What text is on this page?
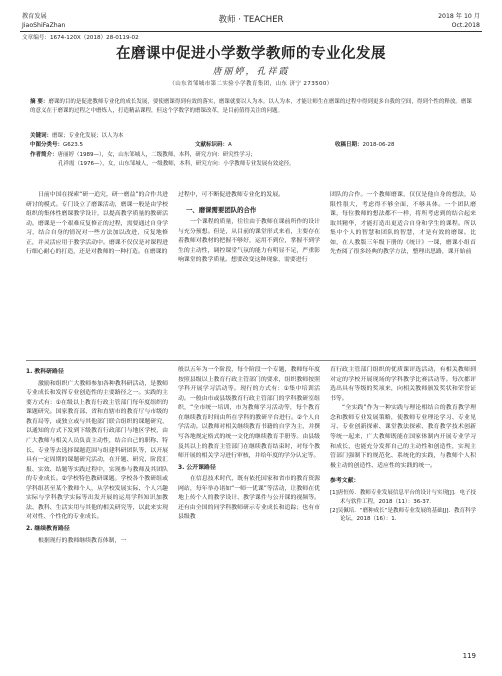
教育发展
JiaoShiFaZhan
教师 · TEACHER	2018 年 10 月
Oct.2018
文章编号：1674-120X（2018）28-0119-02
在磨课中促进小学数学教师的专业化发展
唐丽婷，孔祥霞
（山东省邹城市第二实验小学教育集团，山东 济宁 273500）
摘 要：磨课的目的是促进教师专业化的成长发展，要使磨课得到有效的落实，磨课就要以人为本。以人为本，才能让师生在磨课的过程中得到更多自我的空间，得到个性的释放。磨课的意义在于磨课的过程之中磨炼人，打造精品课程，但这个学数学的磨课改革，是目前值得关注的问题。
关键词：磨课；专业化发展；以人为本
中图分类号：G623.5	文献标识码：A	收稿日期：2018-06-28
作者简介：唐丽婷（1989—），女，山东邹城人，二级教师，本科，研究方向：研究性学习；
孔祥霞（1976—），女，山东邹城人，一级教师，本科，研究方向：小学教师专业发展有效途径。

日前中国在探索“研一追究，研一磨益”的合作共进研讨的模式。专门设立了磨课活动，磨课一般是由学校组织的集体性磨课教学设计，以提高教学质量的教研活动。磨课是一个艰难反复修正的过程，需要通过自身学习，结合自身的情况对一些方法加以改进，反复地修正，并灵活应用于教学活动中。磨课不仅仅是对课程进行细心耐心的打造，还是对教师的一种打造。在磨课的

过程中，可不断促进教师专业化的发展。

一、磨课需要团队的合作

一个课程的质量，往往由于教师在课前所作的设计与充分预想。但是，从目前的课堂形式来看，主要存在着教师对教材的把握不够好，运用不到位，掌握不到学生的主动性，调控课堂气氛的能力有明显不足，严重影响课堂的教学质量。想要改变这种现象，需要进行

团队的合作。一个教师磨课，仅仅是他自身的想法，局限性很大，考虑得不够全面，不够具体。一个团队磨课，每位教师的想法都不一样，将所考虑到的结合起来取其精华，才能打造出更适合自身和学生的课程。所以集中个人的智慧和团队的智慧，才是有效的磨课。比如，在人教版三年级下册的《统计》一课，磨课小组首先查阅了很多经典的教学方法，整理出思路，课开始前

1. 教科研路径

激励和组织广大教师参加各种教科研活动，是教师专业成长和发挥专业创造性的主要路径之一。实践的主要方式有：①在级以上教育行政主管部门每年度组织的课题研究。国家教育部、省和直辖市的教育厅与市级的教育局等，或独立或与其他部门联合组织的课题研究，以通知的方式下发到下级教育行政部门与地区学校，由广大教师与相关人员负责主动性，结合自己的职称、特长、专业等去选择课题范围与组建科研团队等，以开展具有一定周期的课题研究活动，在开题、研究、阶段汇报、实效、结题等实践过程中，实现参与教师及其团队的专业成长。②学校特色教研课题。学校各个教研组或学科组甚至某个教师个人，从学校发展实际、个人兴趣实际与学科教学实际等出发开展的运用学科知识加教法、教科、生活实用与其他的相关研究等，以此来实现对对性、个性化的专业成长。

2. 继续教育路径

根据现行的教师继续教育体制，一

般以五年为一个阶段，每个阶段一个专题，教师每年度按照县级以上教育行政主管部门的要求，组织教师按照学科开展学习活动等。现行的方式有：①集中培训活动。一般由市或县级教育行政主管部门的学科教研室组织，“全市统一培训，市为教师学习活动等，每个教育在继续教育时间由所在学科的教研平台进行。②个人自学活动。以教师对相关继续教育书籍的自学为主，并撰写各地规定格式的统一文化的继续教育手册等。由县级及其以上的教育主管部门在继续教育结束时，对每个教师开展的相关学习进行审核，并给年度的学分认定等。

3. 公开课路径

在信息技术时代，既有依托国家和省市的教育资源网站，每年举办诸如“一师一优课”等活动，让教师在优地上传个人的教学设计、教学课件与公开课的视频等。还有由全国的同学科教师研示专业成长和追踪；也有市县级教

育行政主管部门组织的优质课评选活动，有相关教师到对定的学校开展现场的学科教学比赛活动等。每次都评选出具有等级的奖项来，向相关教师颁发奖状和荣誉证书等。

“全实践”作为一种实践与理论相结合的教育教学理念和教师专业发展策略，使教师专业理论学习、专业见习、专业创新探索、课堂教法探索、教育教学技术创新等统一起来，广大教师既能在国家体制内开展专业学习和成长，也能充分发挥自己的主动性和创造性，实现主管部门强制下的规范化、系统化的实践，与教师个人积极主动的创造性、适应性的实践的统一。

参考文献：

[1]唐恒传．教师专业发展信息平台的设计与实现[J]．电子技术与软件工程，2018（11）：36-37．

[2]吴佩培．“磨种成长”是教师专业发展的基础[J]．教育科学论坛，2018（16）：1．

119
